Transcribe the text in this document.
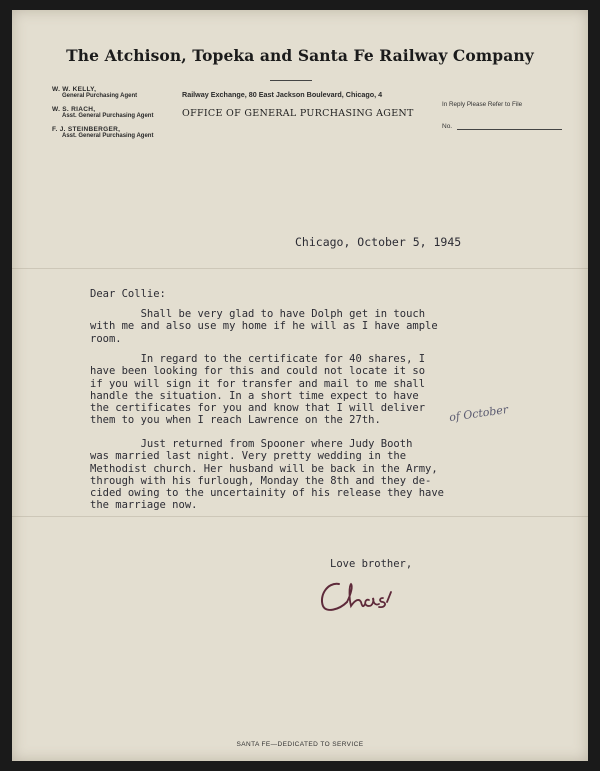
The Atchison, Topeka and Santa Fe Railway Company
W. W. KELLY,
General Purchasing Agent
W. S. RIACH,
Asst. General Purchasing Agent
F. J. STEINBERGER,
Asst. General Purchasing Agent
Railway Exchange, 80 East Jackson Boulevard, Chicago, 4
OFFICE OF GENERAL PURCHASING AGENT
In Reply Please Refer to File
No.
Chicago, October 5, 1945
Dear Collie:
Shall be very glad to have Dolph get in touch
with me and also use my home if he will as I have ample
room.
In regard to the certificate for 40 shares, I
have been looking for this and could not locate it so
if you will sign it for transfer and mail to me shall
handle the situation. In a short time expect to have
the certificates for you and know that I will deliver
them to you when I reach Lawrence on the 27th.
Just returned from Spooner where Judy Booth
was married last night. Very pretty wedding in the
Methodist church. Her husband will be back in the Army,
through with his furlough, Monday the 8th and they de-
cided owing to the uncertainity of his release they have
the marriage now.
of October
Love brother,
SANTA FE—DEDICATED TO SERVICE
